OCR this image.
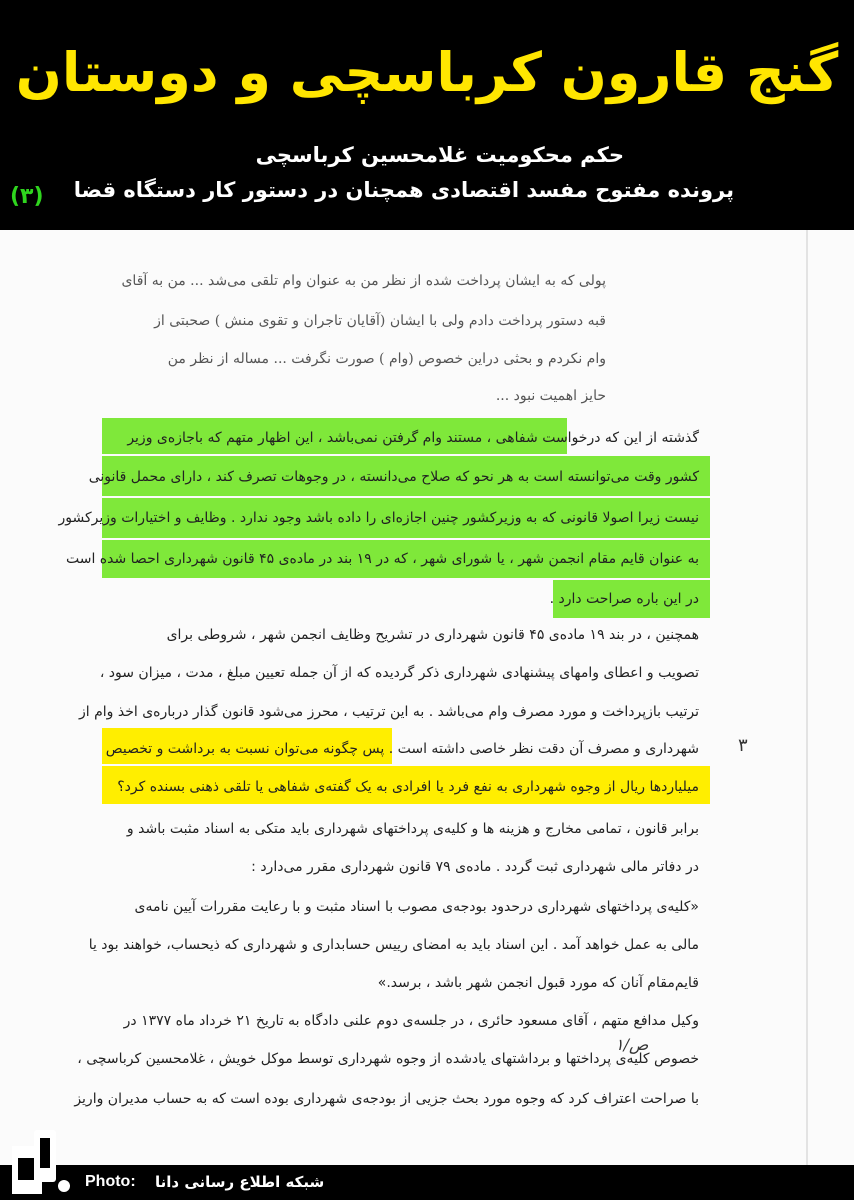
گنج قارون کرباسچی و دوستان
حکم محکومیت غلامحسین کرباسچی
پرونده مفتوح مفسد اقتصادی همچنان در دستور کار دستگاه قضا
(۳)
پولی که به ایشان پرداخت شده از نظر من به عنوان وام تلقی می‌شد ... من به آقای
قبه دستور پرداخت دادم ولی با ایشان (آقایان تاجران و تقوی منش ) صحبتی از
وام نکردم و بحثی دراین خصوص (وام ) صورت نگرفت ... مساله از نظر من
حایز اهمیت نبود ...
گذشته از این که درخواست شفاهی ، مستند وام گرفتن نمی‌باشد ، این اظهار متهم که باجازه‌ی وزیر
کشور وقت می‌توانسته است به هر نحو که صلاح می‌دانسته ، در وجوهات تصرف کند ، دارای محمل قانونی
نیست زیرا اصولا قانونی که به وزیرکشور چنین اجازه‌ای را داده باشد وجود ندارد . وظایف و اختیارات وزیرکشور
به عنوان قایم مقام انجمن شهر ، یا شورای شهر ، که در ۱۹ بند در ماده‌ی ۴۵ قانون شهرداری احصا شده است
در این باره صراحت دارد .
همچنین ، در بند ۱۹ ماده‌ی ۴۵ قانون شهرداری در تشریح وظایف انجمن شهر ، شروطی برای
تصویب و اعطای وامهای پیشنهادی شهرداری ذکر گردیده که از آن جمله تعیین مبلغ ، مدت ، میزان سود ،
ترتیب بازپرداخت و مورد مصرف وام می‌باشد . به این ترتیب ، محرز می‌شود قانون گذار درباره‌ی اخذ وام از
شهرداری و مصرف آن دقت نظر خاصی داشته است . پس چگونه می‌توان نسبت به برداشت و تخصیص
میلیاردها ریال از وجوه شهرداری به نفع فرد یا افرادی به یک گفته‌ی شفاهی یا تلقی ذهنی بسنده کرد؟
برابر قانون ، تمامی مخارج و هزینه ها و کلیه‌ی پرداختهای شهرداری باید متکی به اسناد مثبت باشد و
در دفاتر مالی شهرداری ثبت گردد . ماده‌ی ۷۹ قانون شهرداری مقرر می‌دارد :
«کلیه‌ی پرداختهای شهرداری درحدود بودجه‌ی مصوب با اسناد مثبت و با رعایت مقررات آیین نامه‌ی
مالی به عمل خواهد آمد . این اسناد باید به امضای رییس حسابداری و شهرداری که ذیحساب، خواهند بود یا
قایم‌مقام آنان که مورد قبول انجمن شهر باشد ، برسد.»
وکیل مدافع متهم ، آقای مسعود حائری ، در جلسه‌ی دوم علنی دادگاه به تاریخ ۲۱ خرداد ماه ۱۳۷۷ در
خصوص کلیه‌ی پرداختها و برداشتهای یادشده از وجوه شهرداری توسط موکل خویش ، غلامحسین کرباسچی ،
با صراحت اعتراف کرد که وجوه مورد بحث جزیی از بودجه‌ی شهرداری بوده است که به حساب مدیران واریز
۳
۱/ص
Photo: شبکه اطلاع رسانی دانا
